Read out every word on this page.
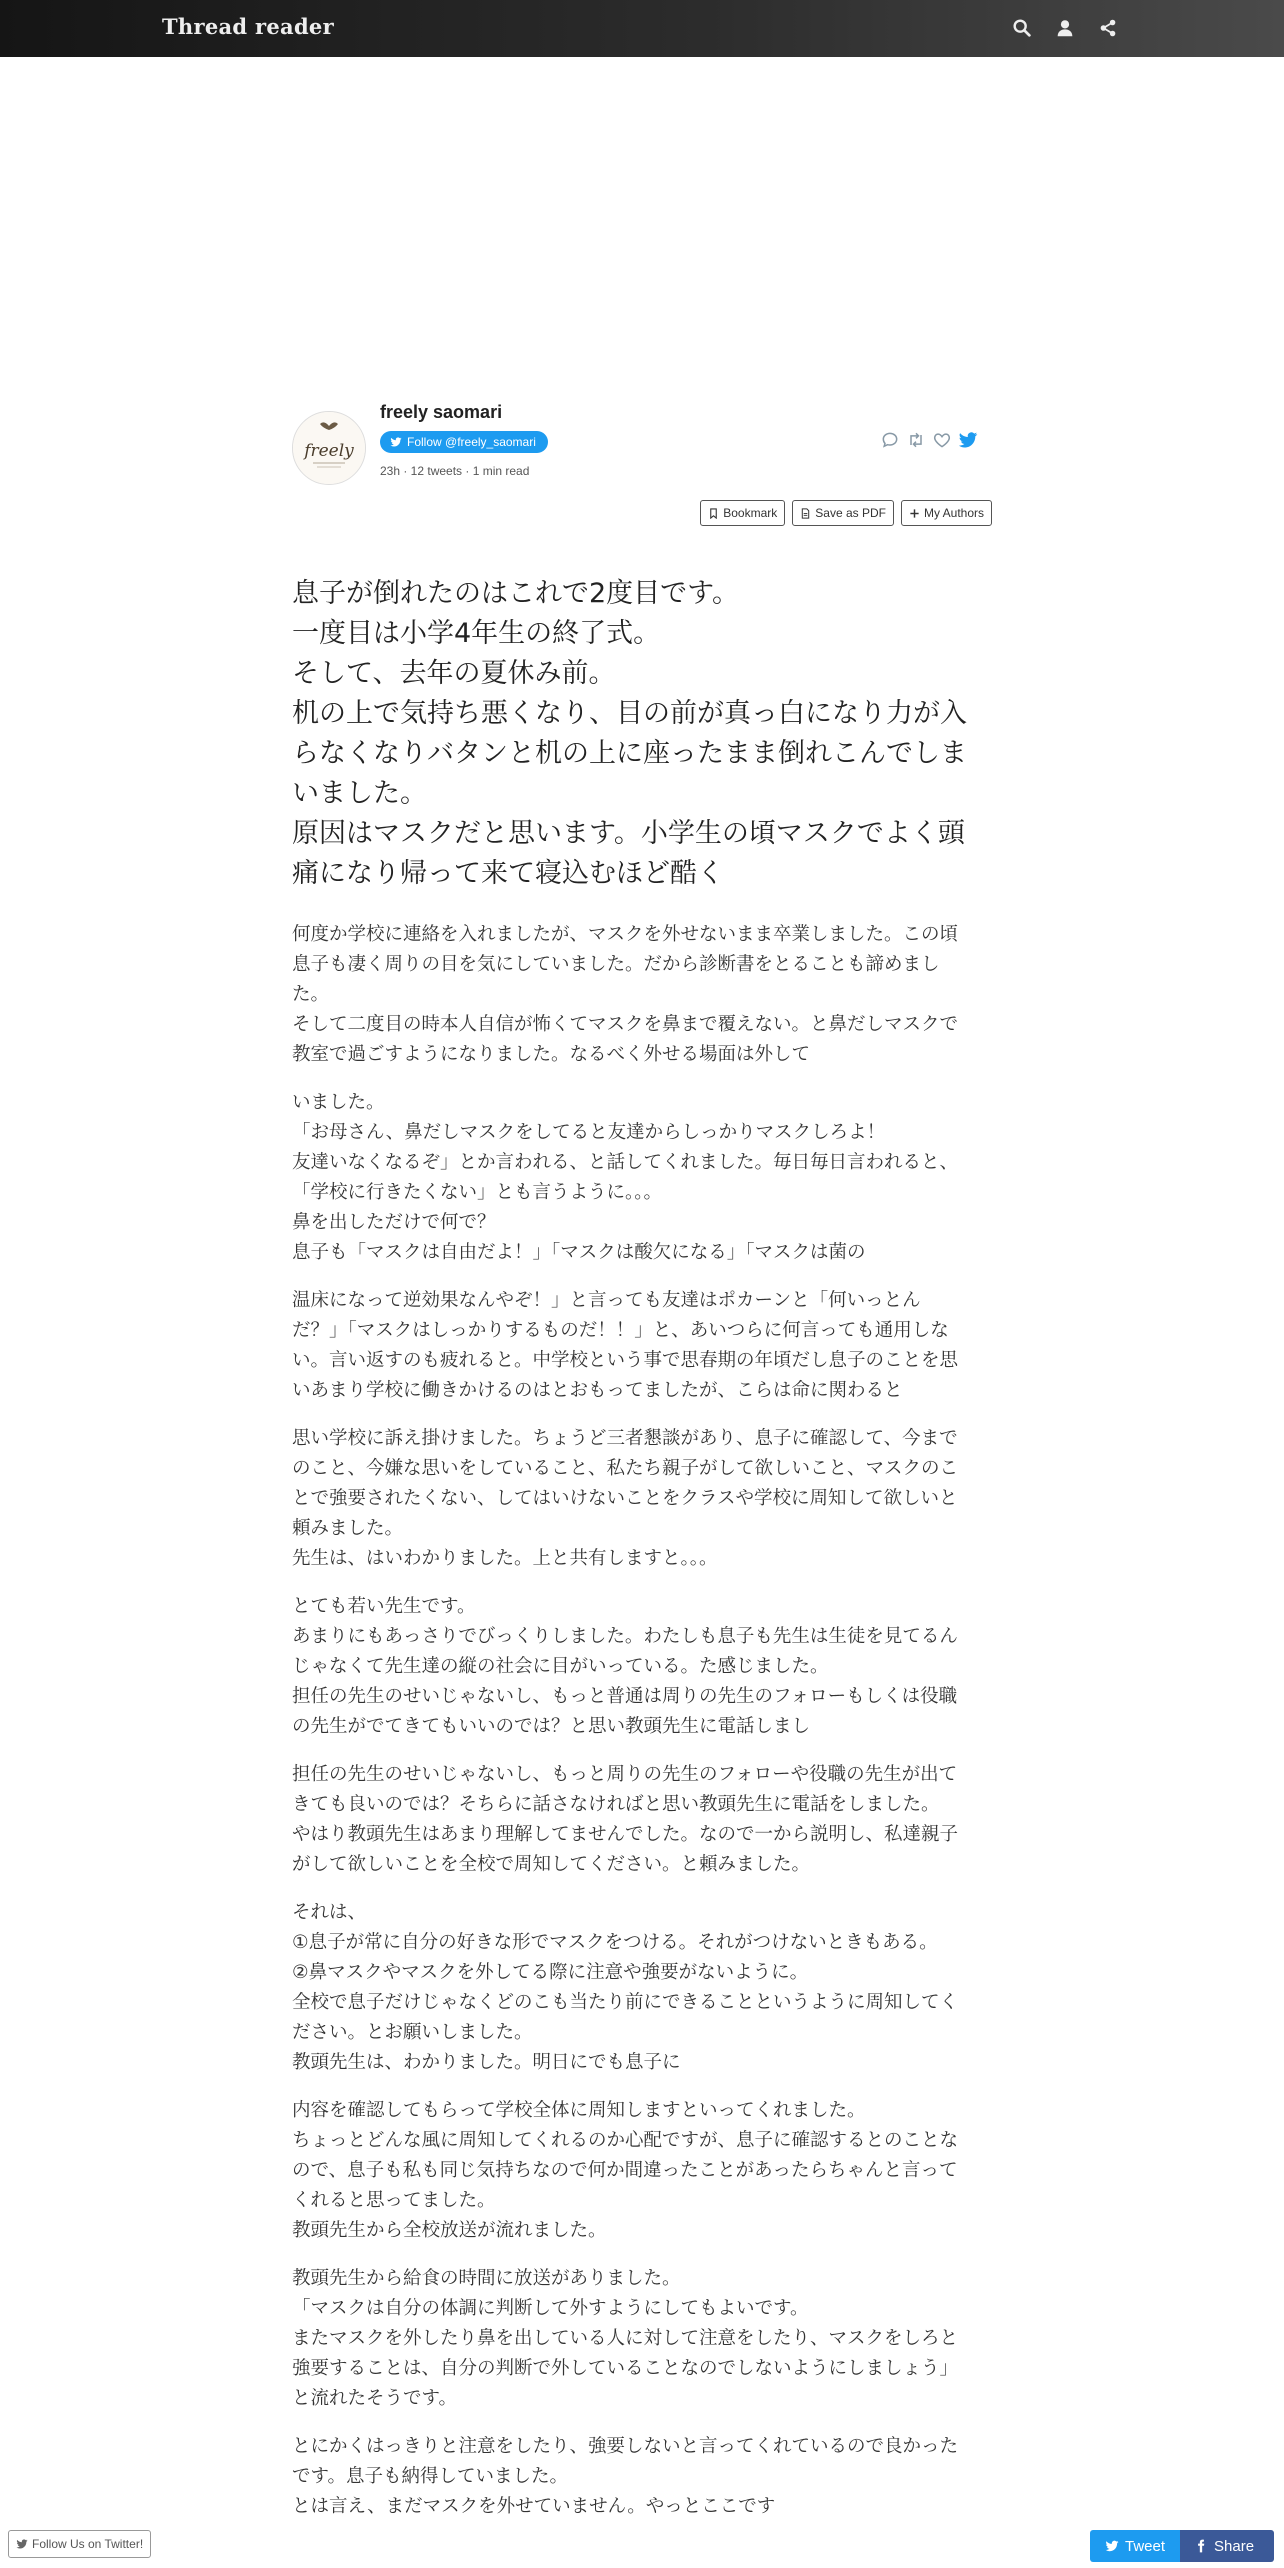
Thread reader
freely
freely saomari
Follow @freely_saomari
23h · 12 tweets · 1 min read
Bookmark	Save as PDF	My Authors
息子が倒れたのはこれで2度目です。
一度目は小学4年生の終了式。
そして、去年の夏休み前。
机の上で気持ち悪くなり、目の前が真っ白になり力が入
らなくなりバタンと机の上に座ったまま倒れこんでしま
いました。
原因はマスクだと思います。小学生の頃マスクでよく頭
痛になり帰って来て寝込むほど酷く
何度か学校に連絡を入れましたが、マスクを外せないまま卒業しました。この頃
息子も凄く周りの目を気にしていました。だから診断書をとることも諦めまし
た。
そして二度目の時本人自信が怖くてマスクを鼻まで覆えない。と鼻だしマスクで
教室で過ごすようになりました。なるべく外せる場面は外して
いました。
「お母さん、鼻だしマスクをしてると友達からしっかりマスクしろよ！
友達いなくなるぞ」とか言われる、と話してくれました。毎日毎日言われると、
「学校に行きたくない」とも言うように。。。
鼻を出しただけで何で？
息子も「マスクは自由だよ！」「マスクは酸欠になる」「マスクは菌の
温床になって逆効果なんやぞ！」と言っても友達はポカーンと「何いっとん
だ？」「マスクはしっかりするものだ！！」と、あいつらに何言っても通用しな
い。言い返すのも疲れると。中学校という事で思春期の年頃だし息子のことを思
いあまり学校に働きかけるのはとおもってましたが、こらは命に関わると
思い学校に訴え掛けました。ちょうど三者懇談があり、息子に確認して、今まで
のこと、今嫌な思いをしていること、私たち親子がして欲しいこと、マスクのこ
とで強要されたくない、してはいけないことをクラスや学校に周知して欲しいと
頼みました。
先生は、はいわかりました。上と共有しますと。。。
とても若い先生です。
あまりにもあっさりでびっくりしました。わたしも息子も先生は生徒を見てるん
じゃなくて先生達の縦の社会に目がいっている。た感じました。
担任の先生のせいじゃないし、もっと普通は周りの先生のフォローもしくは役職
の先生がでてきてもいいのでは？と思い教頭先生に電話しまし
担任の先生のせいじゃないし、もっと周りの先生のフォローや役職の先生が出て
きても良いのでは？そちらに話さなければと思い教頭先生に電話をしました。
やはり教頭先生はあまり理解してませんでした。なので一から説明し、私達親子
がして欲しいことを全校で周知してください。と頼みました。
それは、
①息子が常に自分の好きな形でマスクをつける。それがつけないときもある。
②鼻マスクやマスクを外してる際に注意や強要がないように。
全校で息子だけじゃなくどのこも当たり前にできることというように周知してく
ださい。とお願いしました。
教頭先生は、わかりました。明日にでも息子に
内容を確認してもらって学校全体に周知しますといってくれました。
ちょっとどんな風に周知してくれるのか心配ですが、息子に確認するとのことな
ので、息子も私も同じ気持ちなので何か間違ったことがあったらちゃんと言って
くれると思ってました。
教頭先生から全校放送が流れました。
教頭先生から給食の時間に放送がありました。
「マスクは自分の体調に判断して外すようにしてもよいです。
またマスクを外したり鼻を出している人に対して注意をしたり、マスクをしろと
強要することは、自分の判断で外していることなのでしないようにしましょう」
と流れたそうです。
とにかくはっきりと注意をしたり、強要しないと言ってくれているので良かった
です。息子も納得していました。
とは言え、まだマスクを外せていません。やっとここです
Follow Us on Twitter!	Tweet	Share
